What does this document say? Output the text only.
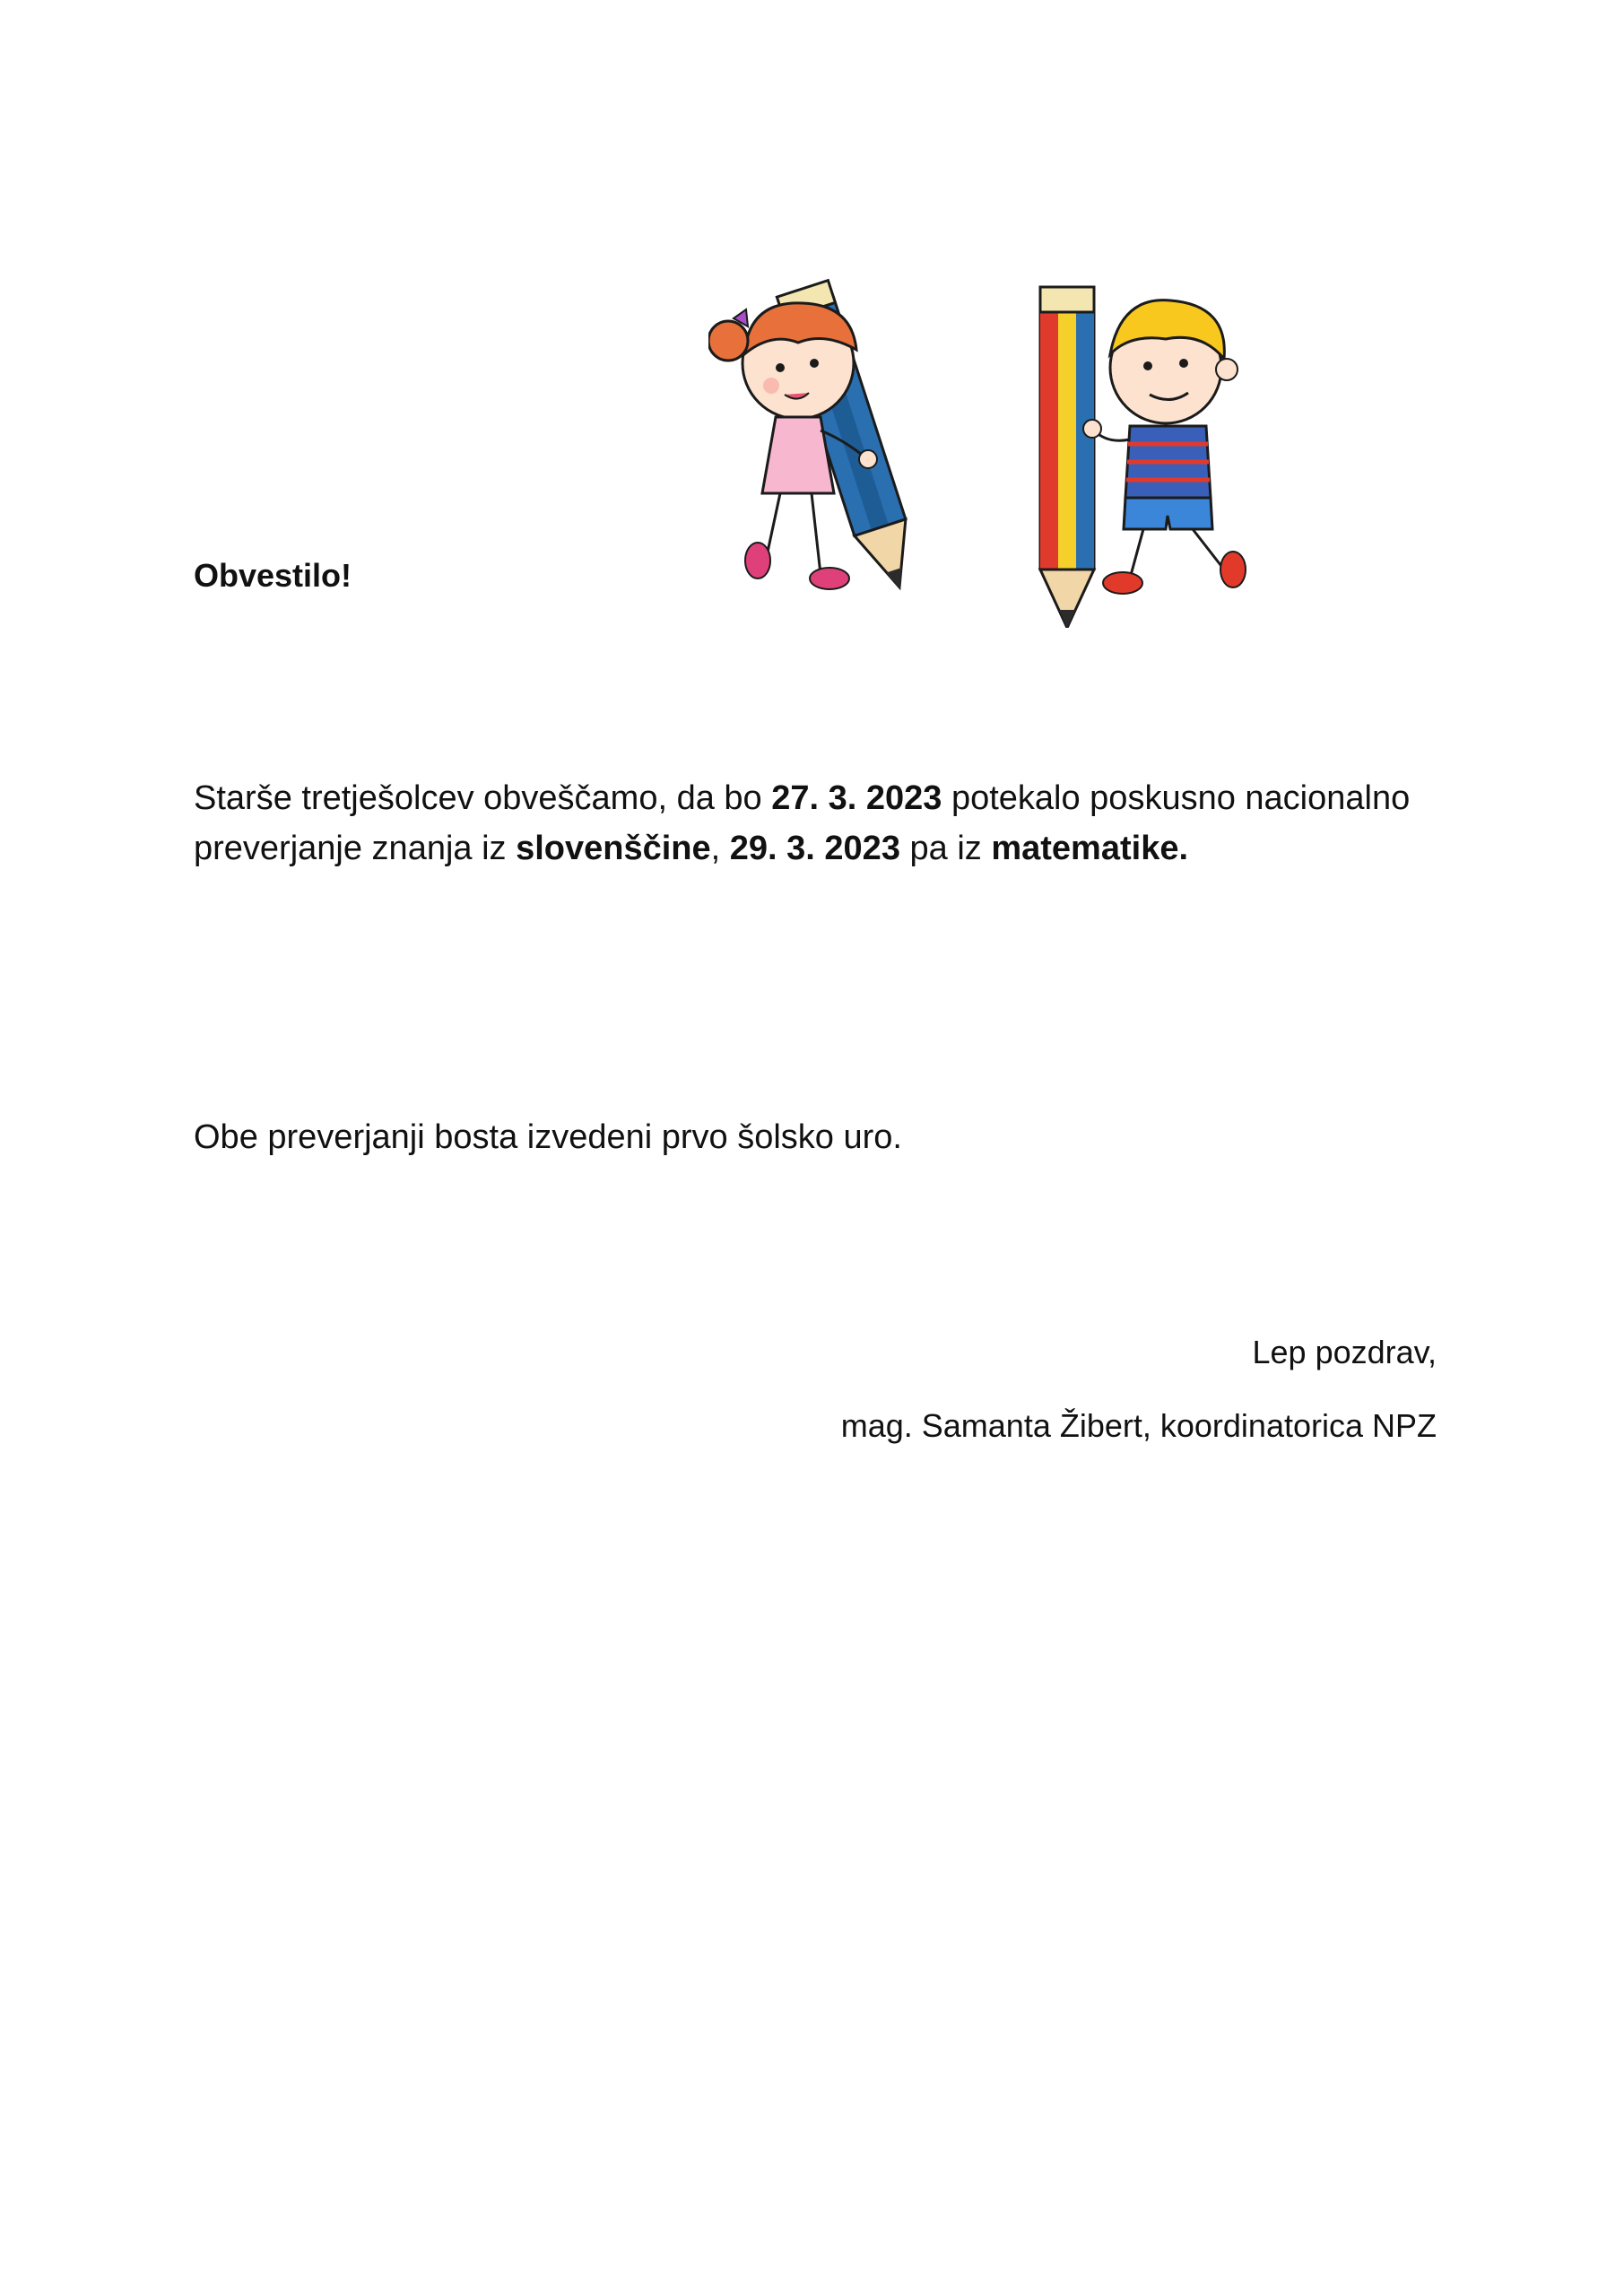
Obvestilo!
Starše tretješolcev obveščamo, da bo 27. 3. 2023 potekalo poskusno nacionalno preverjanje znanja iz slovenščine, 29. 3. 2023 pa iz matematike.
Obe preverjanji bosta izvedeni prvo šolsko uro.
Lep pozdrav,
mag. Samanta Žibert, koordinatorica NPZ
